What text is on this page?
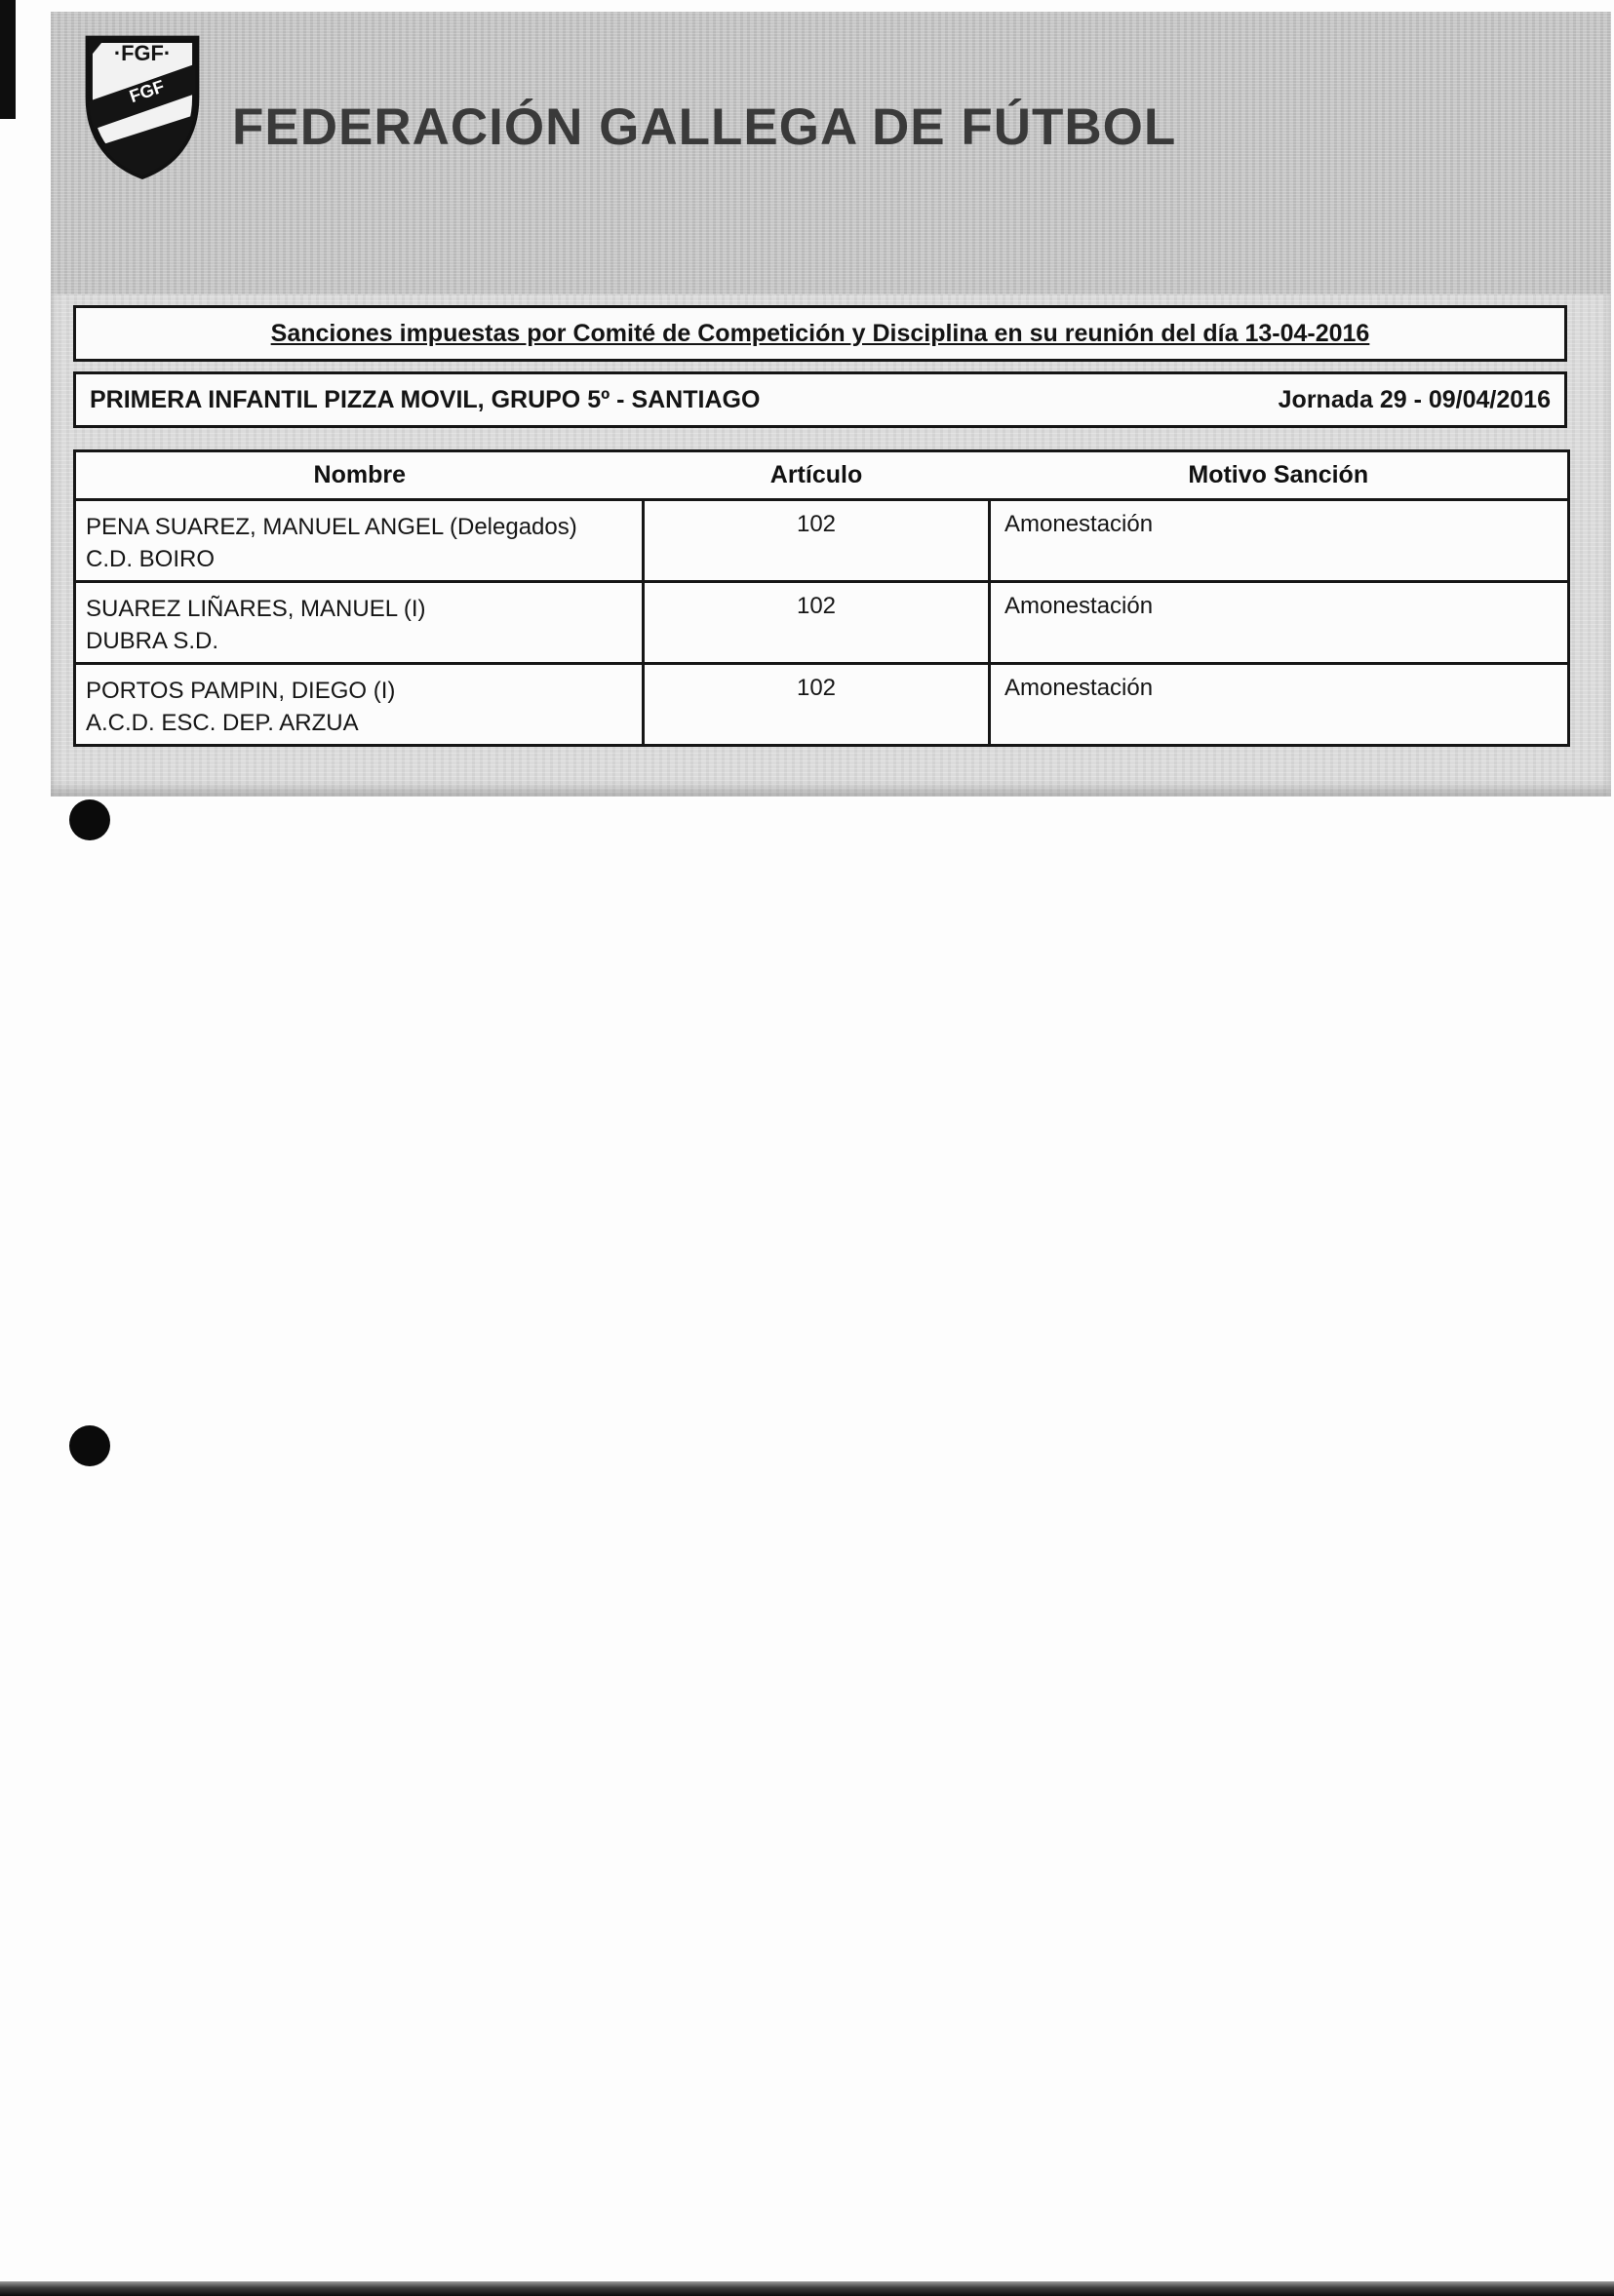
·FGF·
FGF
FEDERACIÓN GALLEGA DE FÚTBOL
Sanciones impuestas por Comité de Competición y Disciplina en su reunión del día 13-04-2016
PRIMERA INFANTIL PIZZA MOVIL, GRUPO 5º - SANTIAGO	Jornada 29 - 09/04/2016
Nombre	Artículo	Motivo Sanción

PENA SUAREZ, MANUEL ANGEL (Delegados)
C.D. BOIRO	102	Amonestación

SUAREZ LIÑARES, MANUEL (I)
DUBRA S.D.	102	Amonestación

PORTOS PAMPIN, DIEGO (I)
A.C.D. ESC. DEP. ARZUA	102	Amonestación
